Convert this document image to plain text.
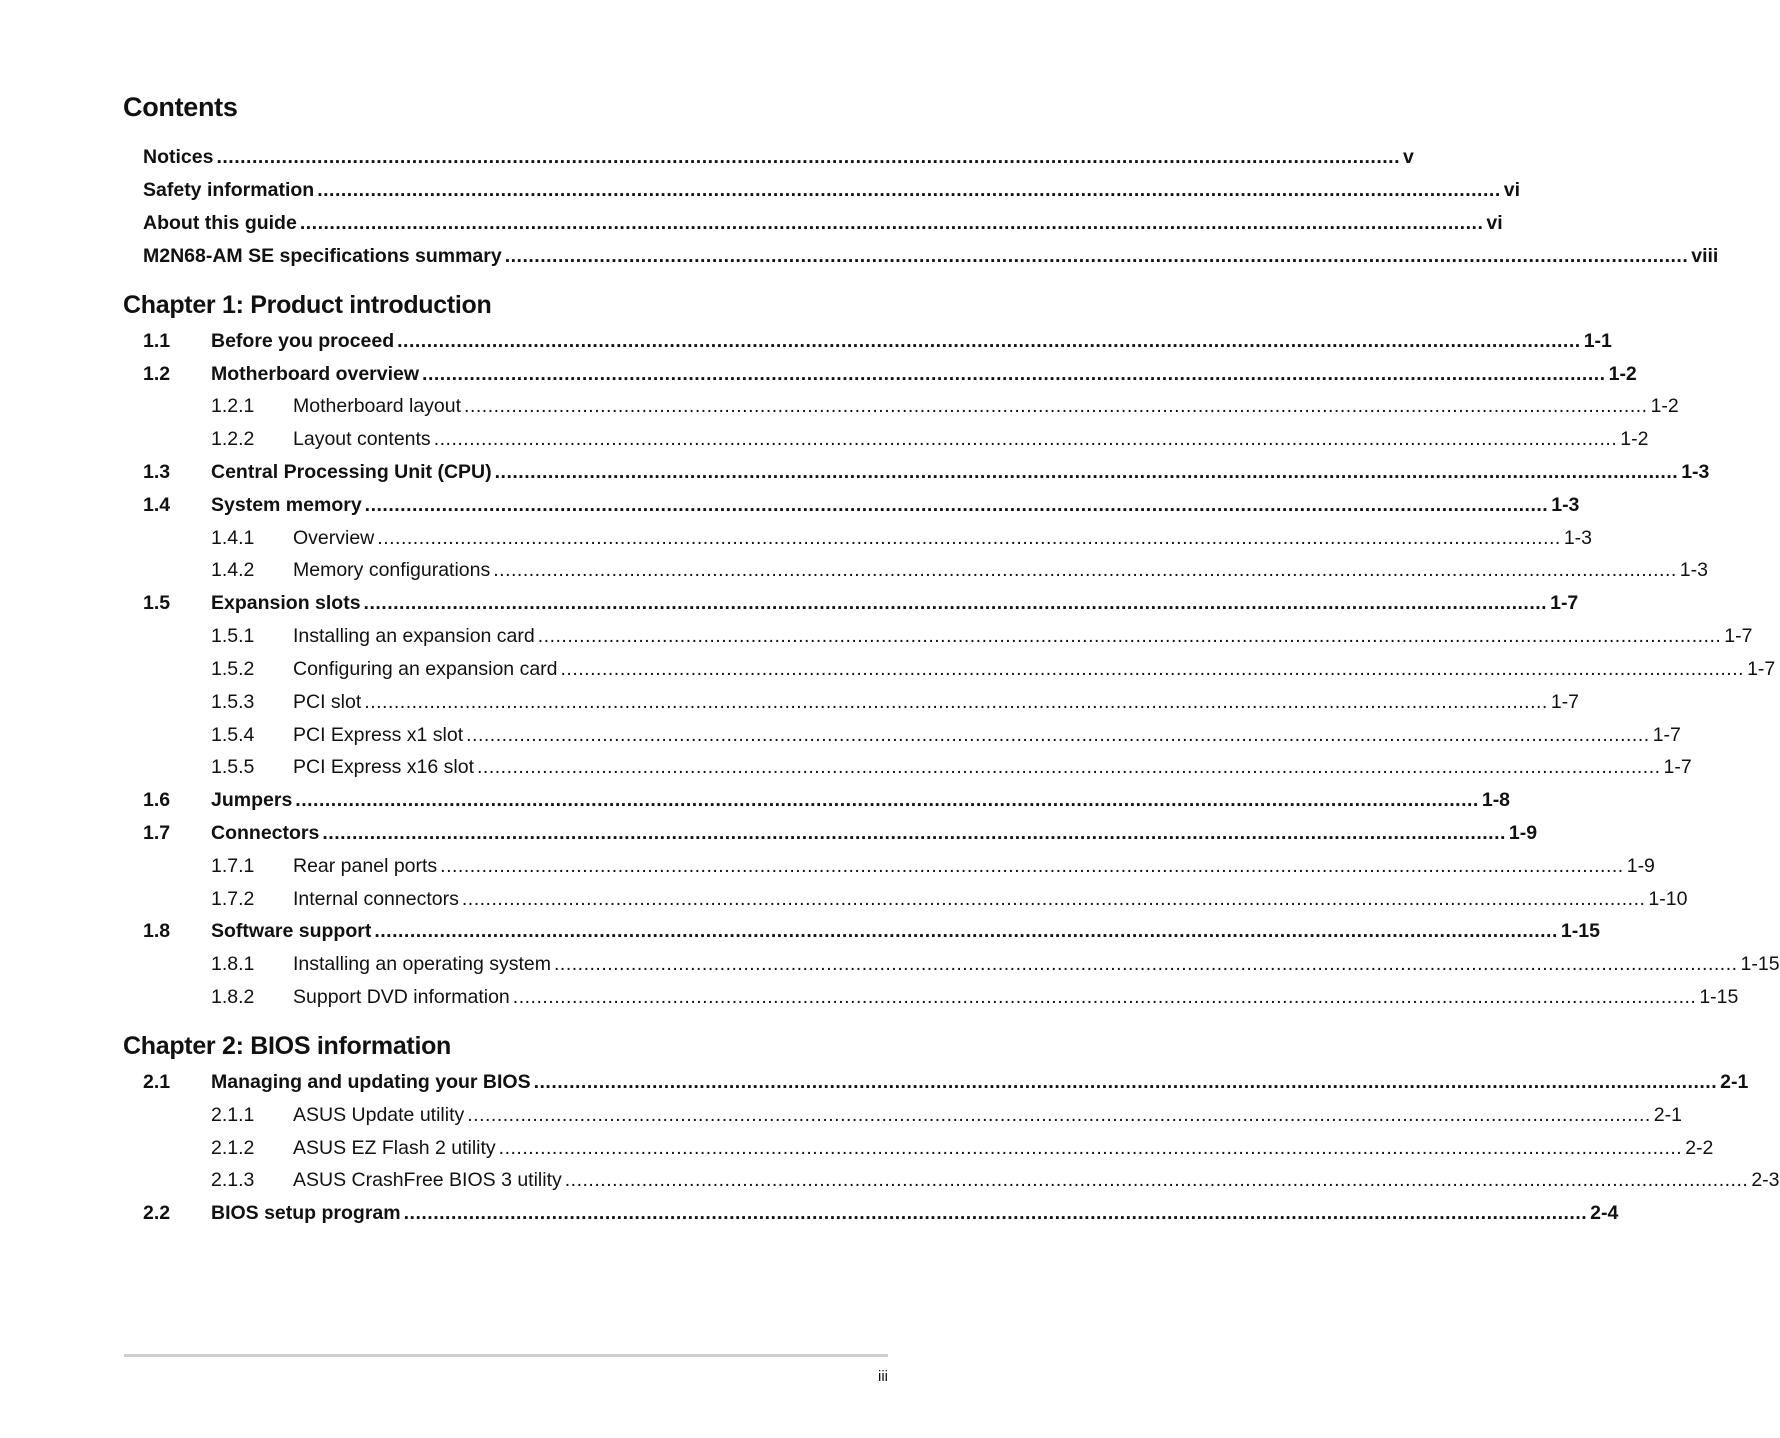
Contents
Notices ........................................................................................................................................................................................................ v
Safety information ........................................................................................................................................................................................................ vi
About this guide ........................................................................................................................................................................................................ vi
M2N68-AM SE specifications summary ........................................................................................................................................................................................................ viii
Chapter 1: Product introduction
1.1	Before you proceed ........................................................................................................................................................................................................ 1-1
1.2	Motherboard overview ........................................................................................................................................................................................................ 1-2
1.2.1	Motherboard layout ........................................................................................................................................................................................................ 1-2
1.2.2	Layout contents ........................................................................................................................................................................................................ 1-2
1.3	Central Processing Unit (CPU) ........................................................................................................................................................................................................ 1-3
1.4	System memory ........................................................................................................................................................................................................ 1-3
1.4.1	Overview ........................................................................................................................................................................................................ 1-3
1.4.2	Memory configurations ........................................................................................................................................................................................................ 1-3
1.5	Expansion slots ........................................................................................................................................................................................................ 1-7
1.5.1	Installing an expansion card ........................................................................................................................................................................................................ 1-7
1.5.2	Configuring an expansion card ........................................................................................................................................................................................................ 1-7
1.5.3	PCI slot ........................................................................................................................................................................................................ 1-7
1.5.4	PCI Express x1 slot ........................................................................................................................................................................................................ 1-7
1.5.5	PCI Express x16 slot ........................................................................................................................................................................................................ 1-7
1.6	Jumpers ........................................................................................................................................................................................................ 1-8
1.7	Connectors ........................................................................................................................................................................................................ 1-9
1.7.1	Rear panel ports ........................................................................................................................................................................................................ 1-9
1.7.2	Internal connectors ........................................................................................................................................................................................................ 1-10
1.8	Software support ........................................................................................................................................................................................................ 1-15
1.8.1	Installing an operating system ........................................................................................................................................................................................................ 1-15
1.8.2	Support DVD information ........................................................................................................................................................................................................ 1-15
Chapter 2: BIOS information
2.1	Managing and updating your BIOS ........................................................................................................................................................................................................ 2-1
2.1.1	ASUS Update utility ........................................................................................................................................................................................................ 2-1
2.1.2	ASUS EZ Flash 2 utility ........................................................................................................................................................................................................ 2-2
2.1.3	ASUS CrashFree BIOS 3 utility ........................................................................................................................................................................................................ 2-3
2.2	BIOS setup program ........................................................................................................................................................................................................ 2-4
iii
